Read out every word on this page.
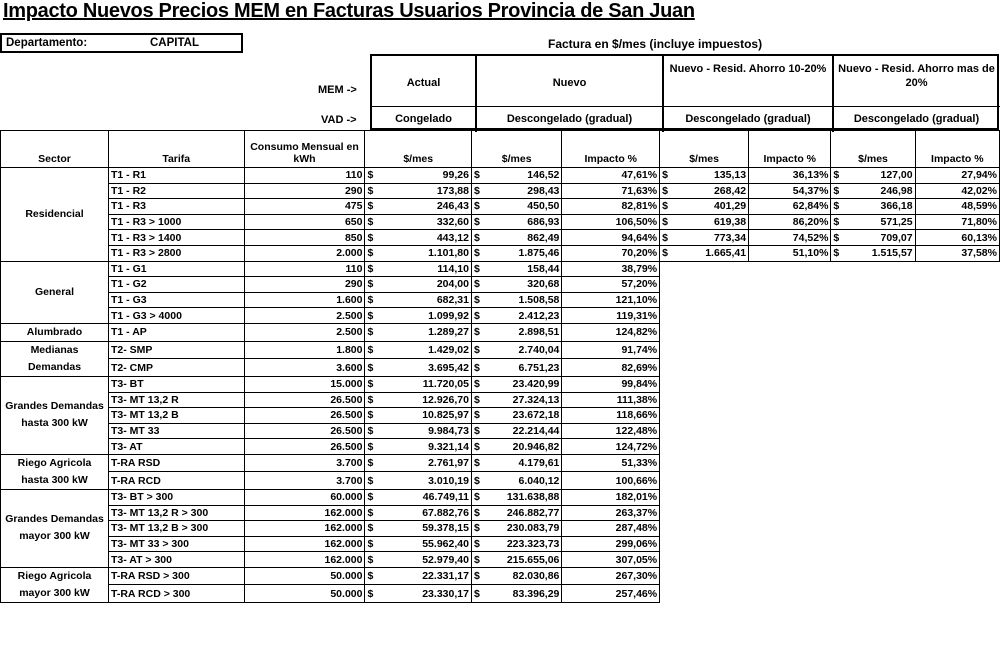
Impacto Nuevos Precios MEM en Facturas Usuarios Provincia de San Juan
Departamento:	CAPITAL	Factura en $/mes (incluye impuestos)
MEM ->
VAD ->
Actual	Nuevo
Nuevo - Resid. Ahorro 10-20%	Nuevo - Resid. Ahorro mas de 20%
Congelado	Descongelado (gradual)	Descongelado (gradual)	Descongelado (gradual)
Sector	Tarifa	Consumo Mensual en kWh	$/mes		$/mes		Impacto %	$/mes		Impacto %	$/mes		Impacto %
Residencial	T1 - R1	110	$	99,26	$	146,52	47,61%	$	135,13	36,13%	$	127,00	27,94%
	T1 - R2	290	$	173,88	$	298,43	71,63%	$	268,42	54,37%	$	246,98	42,02%
	T1 - R3	475	$	246,43	$	450,50	82,81%	$	401,29	62,84%	$	366,18	48,59%
	T1 - R3 > 1000	650	$	332,60	$	686,93	106,50%	$	619,38	86,20%	$	571,25	71,80%
	T1 - R3 > 1400	850	$	443,12	$	862,49	94,64%	$	773,34	74,52%	$	709,07	60,13%
	T1 - R3 > 2800	2.000	$	1.101,80	$	1.875,46	70,20%	$	1.665,41	51,10%	$	1.515,57	37,58%
General	T1 - G1	110	$	114,10	$	158,44	38,79%						
	T1 - G2	290	$	204,00	$	320,68	57,20%						
	T1 - G3	1.600	$	682,31	$	1.508,58	121,10%						
	T1 - G3 > 4000	2.500	$	1.099,92	$	2.412,23	119,31%						
Alumbrado	T1 - AP	2.500	$	1.289,27	$	2.898,51	124,82%						
Medianas Demandas	T2- SMP	1.800	$	1.429,02	$	2.740,04	91,74%						
	T2- CMP	3.600	$	3.695,42	$	6.751,23	82,69%						
Grandes Demandas hasta 300 kW	T3- BT	15.000	$	11.720,05	$	23.420,99	99,84%						
	T3- MT 13,2 R	26.500	$	12.926,70	$	27.324,13	111,38%						
	T3- MT 13,2 B	26.500	$	10.825,97	$	23.672,18	118,66%						
	T3- MT 33	26.500	$	9.984,73	$	22.214,44	122,48%						
	T3- AT	26.500	$	9.321,14	$	20.946,82	124,72%						
Riego Agricola hasta 300 kW	T-RA RSD	3.700	$	2.761,97	$	4.179,61	51,33%						
	T-RA RCD	3.700	$	3.010,19	$	6.040,12	100,66%						
Grandes Demandas mayor 300 kW	T3- BT > 300	60.000	$	46.749,11	$	131.638,88	182,01%						
	T3- MT 13,2 R > 300	162.000	$	67.882,76	$	246.882,77	263,37%						
	T3- MT 13,2 B > 300	162.000	$	59.378,15	$	230.083,79	287,48%						
	T3- MT 33 > 300	162.000	$	55.962,40	$	223.323,73	299,06%						
	T3- AT > 300	162.000	$	52.979,40	$	215.655,06	307,05%						
Riego Agricola mayor 300 kW	T-RA RSD > 300	50.000	$	22.331,17	$	82.030,86	267,30%						
	T-RA RCD > 300	50.000	$	23.330,17	$	83.396,29	257,46%						
